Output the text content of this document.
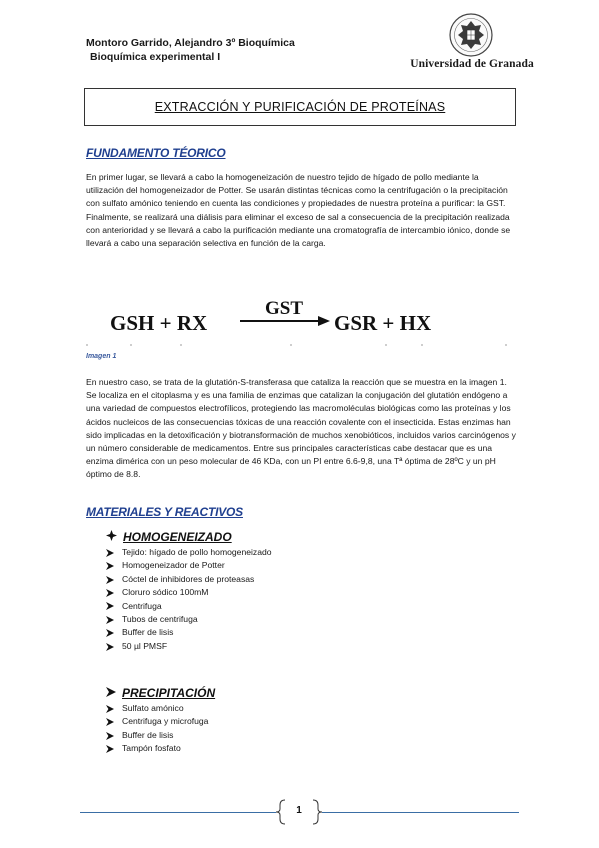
Montoro Garrido, Alejandro 3º Bioquímica
Bioquímica experimental I
Universidad de Granada
EXTRACCIÓN Y PURIFICACIÓN DE PROTEÍNAS
FUNDAMENTO TÉORICO

En primer lugar, se llevará a cabo la homogeneización de nuestro tejido de hígado de pollo mediante la utilización del homogeneizador de Potter. Se usarán distintas técnicas como la centrifugación o la precipitación con sulfato amónico teniendo en cuenta las condiciones y propiedades de nuestra proteína a purificar: la GST. Finalmente, se realizará una diálisis para eliminar el exceso de sal a consecuencia de la precipitación realizada con anterioridad y se llevará a cabo la purificación mediante una cromatografía de intercambio iónico, donde se llevará a cabo una separación selectiva en función de la carga.

GSH + RX
GST
GSR + HX
Imagen 1

En nuestro caso, se trata de la glutatión-S-transferasa que cataliza la reacción que se muestra en la imagen 1. Se localiza en el citoplasma y es una familia de enzimas que catalizan la conjugación del glutatión endógeno a una variedad de compuestos electrofílicos, protegiendo las macromoléculas biológicas como las proteínas y los ácidos nucleicos de las consecuencias tóxicas de una reacción covalente con el insecticida. Estas enzimas han sido implicadas en la detoxificación y biotransformación de muchos xenobióticos, incluidos varios carcinógenos y un número considerable de medicamentos. Entre sus principales características cabe destacar que es una enzima dimérica con un peso molecular de 46 KDa, con un PI entre 6.6-9,8, una Tª óptima de 28ºC y un pH óptimo de 8.8.

MATERIALES Y REACTIVOS
HOMOGENEIZADO
Tejido: hígado de pollo homogeneizado
Homogeneizador de Potter
Cóctel de inhibidores de proteasas
Cloruro sódico 100mM
Centrifuga
Tubos de centrifuga
Buffer de lisis
50 µl PMSF
PRECIPITACIÓN
Sulfato amónico
Centrifuga y microfuga
Buffer de lisis
Tampón fosfato
1
